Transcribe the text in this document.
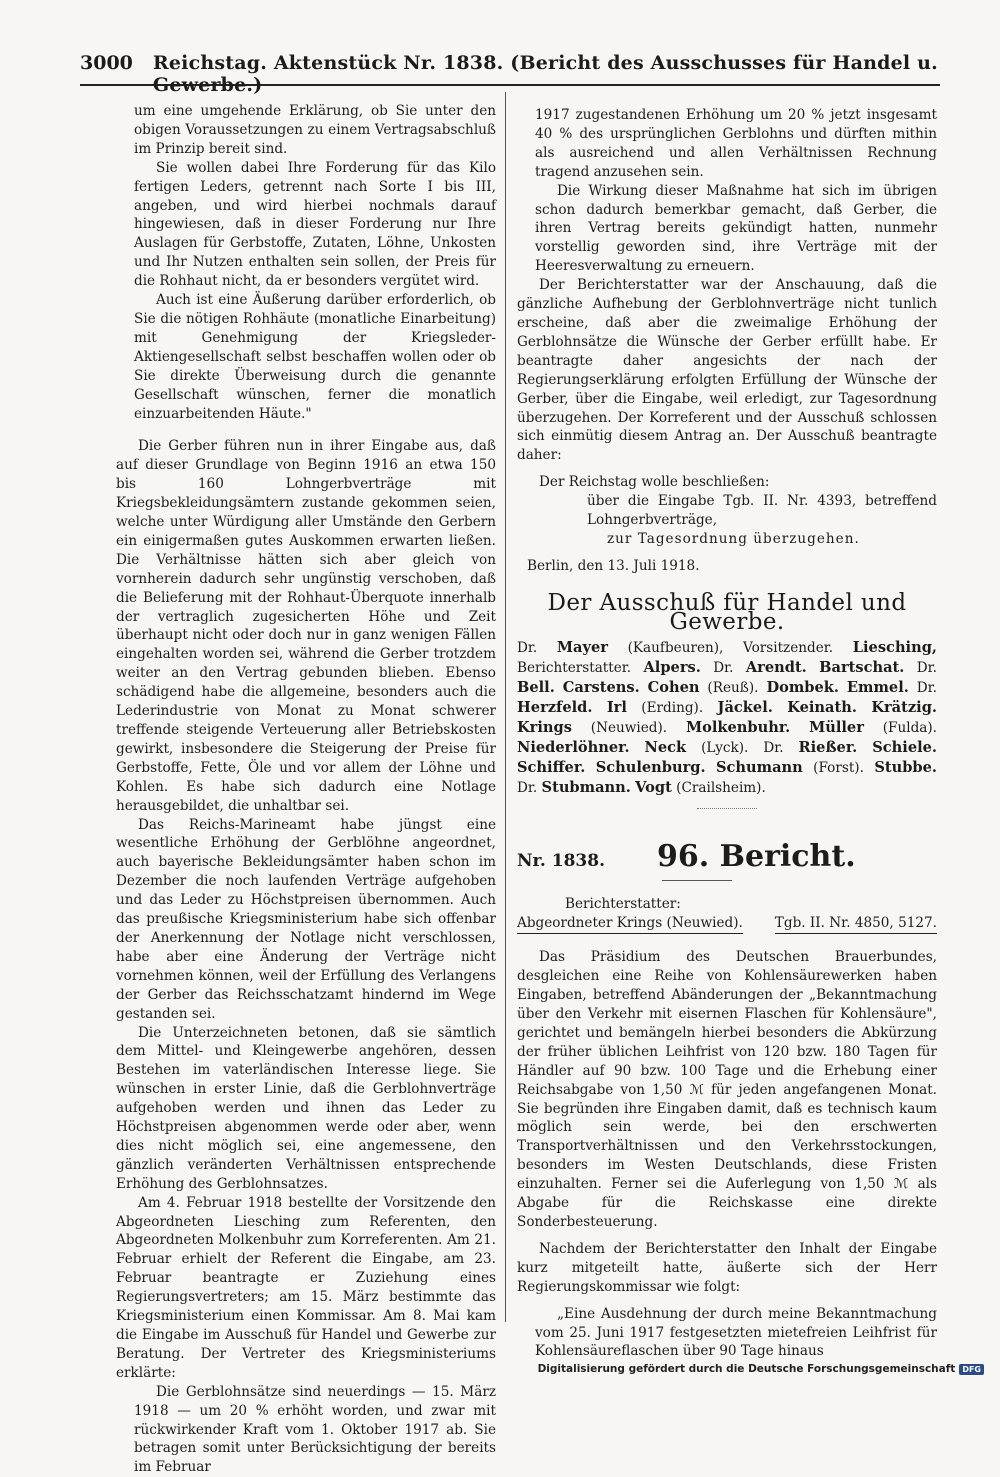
3000 Reichstag. Aktenstück Nr. 1838. (Bericht des Ausschusses für Handel u. Gewerbe.)

um eine umgehende Erklärung, ob Sie unter den obigen Voraussetzungen zu einem Vertragsabschluß im Prinzip bereit sind.

Sie wollen dabei Ihre Forderung für das Kilo fertigen Leders, getrennt nach Sorte I bis III, angeben, und wird hierbei nochmals darauf hingewiesen, daß in dieser Forderung nur Ihre Auslagen für Gerbstoffe, Zutaten, Löhne, Unkosten und Ihr Nutzen enthalten sein sollen, der Preis für die Rohhaut nicht, da er besonders vergütet wird.

Auch ist eine Äußerung darüber erforderlich, ob Sie die nötigen Rohhäute (monatliche Einarbeitung) mit Genehmigung der Kriegsleder-Aktiengesellschaft selbst beschaffen wollen oder ob Sie direkte Überweisung durch die genannte Gesellschaft wünschen, ferner die monatlich einzuarbeitenden Häute."

Die Gerber führen nun in ihrer Eingabe aus, daß auf dieser Grundlage von Beginn 1916 an etwa 150 bis 160 Lohngerbverträge mit Kriegsbekleidungsämtern zustande gekommen seien, welche unter Würdigung aller Umstände den Gerbern ein einigermaßen gutes Auskommen erwarten ließen. Die Verhältnisse hätten sich aber gleich von vornherein dadurch sehr ungünstig verschoben, daß die Belieferung mit der Rohhaut-Überquote innerhalb der vertraglich zugesicherten Höhe und Zeit überhaupt nicht oder doch nur in ganz wenigen Fällen eingehalten worden sei, während die Gerber trotzdem weiter an den Vertrag gebunden blieben. Ebenso schädigend habe die allgemeine, besonders auch die Lederindustrie von Monat zu Monat schwerer treffende steigende Verteuerung aller Betriebskosten gewirkt, insbesondere die Steigerung der Preise für Gerbstoffe, Fette, Öle und vor allem der Löhne und Kohlen. Es habe sich dadurch eine Notlage herausgebildet, die unhaltbar sei.

Das Reichs-Marineamt habe jüngst eine wesentliche Erhöhung der Gerblöhne angeordnet, auch bayerische Bekleidungsämter haben schon im Dezember die noch laufenden Verträge aufgehoben und das Leder zu Höchstpreisen übernommen. Auch das preußische Kriegsministerium habe sich offenbar der Anerkennung der Notlage nicht verschlossen, habe aber eine Änderung der Verträge nicht vornehmen können, weil der Erfüllung des Verlangens der Gerber das Reichsschatzamt hindernd im Wege gestanden sei.

Die Unterzeichneten betonen, daß sie sämtlich dem Mittel- und Kleingewerbe angehören, dessen Bestehen im vaterländischen Interesse liege. Sie wünschen in erster Linie, daß die Gerblohnverträge aufgehoben werden und ihnen das Leder zu Höchstpreisen abgenommen werde oder aber, wenn dies nicht möglich sei, eine angemessene, den gänzlich veränderten Verhältnissen entsprechende Erhöhung des Gerblohnsatzes.

Am 4. Februar 1918 bestellte der Vorsitzende den Abgeordneten Liesching zum Referenten, den Abgeordneten Molkenbuhr zum Korreferenten. Am 21. Februar erhielt der Referent die Eingabe, am 23. Februar beantragte er Zuziehung eines Regierungsvertreters; am 15. März bestimmte das Kriegsministerium einen Kommissar. Am 8. Mai kam die Eingabe im Ausschuß für Handel und Gewerbe zur Beratung. Der Vertreter des Kriegsministeriums erklärte:

Die Gerblohnsätze sind neuerdings — 15. März 1918 — um 20 % erhöht worden, und zwar mit rückwirkender Kraft vom 1. Oktober 1917 ab. Sie betragen somit unter Berücksichtigung der bereits im Februar

1917 zugestandenen Erhöhung um 20 % jetzt insgesamt 40 % des ursprünglichen Gerblohns und dürften mithin als ausreichend und allen Verhältnissen Rechnung tragend anzusehen sein.

Die Wirkung dieser Maßnahme hat sich im übrigen schon dadurch bemerkbar gemacht, daß Gerber, die ihren Vertrag bereits gekündigt hatten, nunmehr vorstellig geworden sind, ihre Verträge mit der Heeresverwaltung zu erneuern.

Der Berichterstatter war der Anschauung, daß die gänzliche Aufhebung der Gerblohnverträge nicht tunlich erscheine, daß aber die zweimalige Erhöhung der Gerblohnsätze die Wünsche der Gerber erfüllt habe. Er beantragte daher angesichts der nach der Regierungserklärung erfolgten Erfüllung der Wünsche der Gerber, über die Eingabe, weil erledigt, zur Tagesordnung überzugehen. Der Korreferent und der Ausschuß schlossen sich einmütig diesem Antrag an. Der Ausschuß beantragte daher:

Der Reichstag wolle beschließen:

über die Eingabe Tgb. II. Nr. 4393, betreffend Lohngerbverträge,

zur Tagesordnung überzugehen.

Berlin, den 13. Juli 1918.

Der Ausschuß für Handel und Gewerbe.

Dr. Mayer (Kaufbeuren), Vorsitzender. Liesching, Berichterstatter. Alpers. Dr. Arendt. Bartschat. Dr. Bell. Carstens. Cohen (Reuß). Dombek. Emmel. Dr. Herzfeld. Irl (Erding). Jäckel. Keinath. Krätzig. Krings (Neuwied). Molkenbuhr. Müller (Fulda). Niederlöhner. Neck (Lyck). Dr. Rießer. Schiele. Schiffer. Schulenburg. Schumann (Forst). Stubbe. Dr. Stubmann. Vogt (Crailsheim).

Nr. 1838.	96. Bericht.

Berichterstatter:

Abgeordneter Krings (Neuwied). Tgb. II. Nr. 4850, 5127.

Das Präsidium des Deutschen Brauerbundes, desgleichen eine Reihe von Kohlensäurewerken haben Eingaben, betreffend Abänderungen der „Bekanntmachung über den Verkehr mit eisernen Flaschen für Kohlensäure", gerichtet und bemängeln hierbei besonders die Abkürzung der früher üblichen Leihfrist von 120 bzw. 180 Tagen für Händler auf 90 bzw. 100 Tage und die Erhebung einer Reichsabgabe von 1,50 ℳ für jeden angefangenen Monat. Sie begründen ihre Eingaben damit, daß es technisch kaum möglich sein werde, bei den erschwerten Transportverhältnissen und den Verkehrsstockungen, besonders im Westen Deutschlands, diese Fristen einzuhalten. Ferner sei die Auferlegung von 1,50 ℳ als Abgabe für die Reichskasse eine direkte Sonderbesteuerung.

Nachdem der Berichterstatter den Inhalt der Eingabe kurz mitgeteilt hatte, äußerte sich der Herr Regierungskommissar wie folgt:

„Eine Ausdehnung der durch meine Bekanntmachung vom 25. Juni 1917 festgesetzten mietefreien Leihfrist für Kohlensäureflaschen über 90 Tage hinaus

Digitalisierung gefördert durch die Deutsche Forschungsgemeinschaft DFG
